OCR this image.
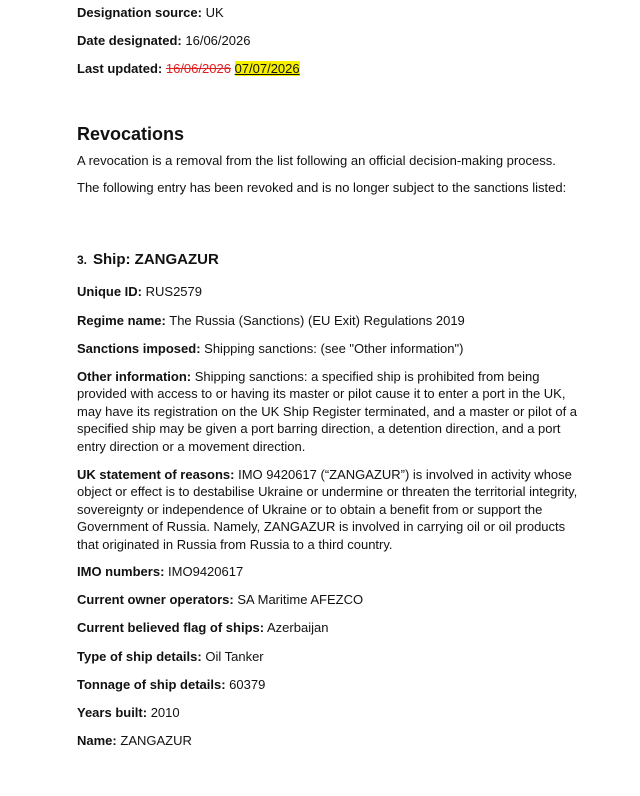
Designation source: UK
Date designated: 16/06/2026
Last updated: 16/06/2026 07/07/2026
Revocations
A revocation is a removal from the list following an official decision-making process.
The following entry has been revoked and is no longer subject to the sanctions listed:
3. Ship: ZANGAZUR
Unique ID: RUS2579
Regime name: The Russia (Sanctions) (EU Exit) Regulations 2019
Sanctions imposed: Shipping sanctions: (see "Other information")
Other information: Shipping sanctions: a specified ship is prohibited from being provided with access to or having its master or pilot cause it to enter a port in the UK, may have its registration on the UK Ship Register terminated, and a master or pilot of a specified ship may be given a port barring direction, a detention direction, and a port entry direction or a movement direction.
UK statement of reasons: IMO 9420617 (“ZANGAZUR”) is involved in activity whose object or effect is to destabilise Ukraine or undermine or threaten the territorial integrity, sovereignty or independence of Ukraine or to obtain a benefit from or support the Government of Russia. Namely, ZANGAZUR is involved in carrying oil or oil products that originated in Russia from Russia to a third country.
IMO numbers: IMO9420617
Current owner operators: SA Maritime AFEZCO
Current believed flag of ships: Azerbaijan
Type of ship details: Oil Tanker
Tonnage of ship details: 60379
Years built: 2010
Name: ZANGAZUR
